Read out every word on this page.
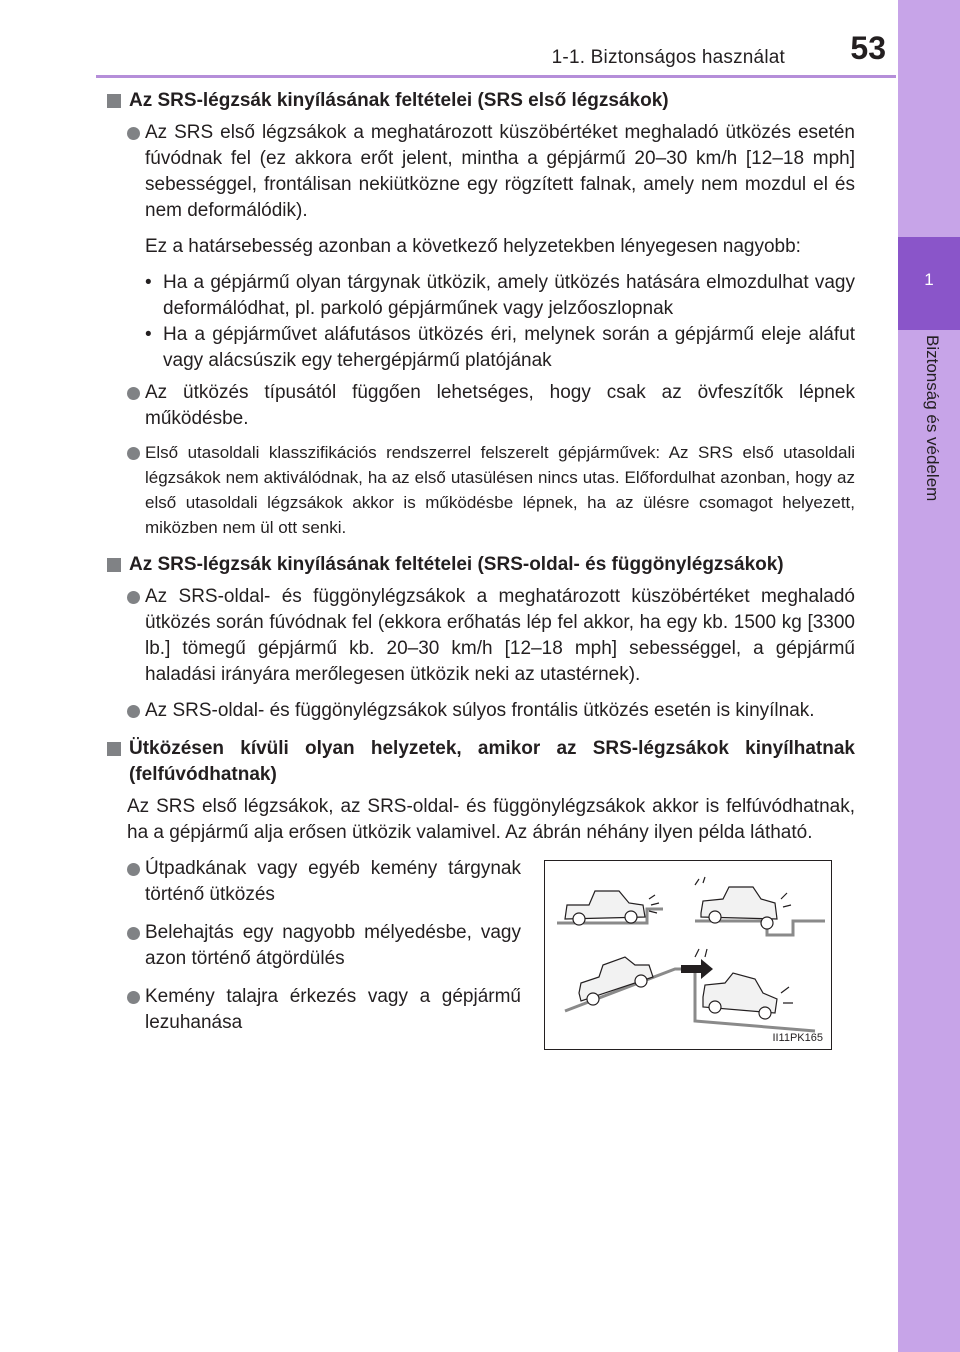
1-1. Biztonságos használat	53
1
Biztonság és védelem
Az SRS-légzsák kinyílásának feltételei (SRS első légzsákok)
Az SRS első légzsákok a meghatározott küszöbértéket meghaladó ütközés esetén fúvódnak fel (ez akkora erőt jelent, mintha a gépjármű 20–30 km/h [12–18 mph] sebességgel, frontálisan nekiütközne egy rögzített falnak, amely nem mozdul el és nem deformálódik).
Ez a határsebesség azonban a következő helyzetekben lényegesen nagyobb:
• Ha a gépjármű olyan tárgynak ütközik, amely ütközés hatására elmozdulhat vagy deformálódhat, pl. parkoló gépjárműnek vagy jelzőoszlopnak
• Ha a gépjárművet aláfutásos ütközés éri, melynek során a gépjármű eleje aláfut vagy alácsúszik egy tehergépjármű platójának
Az ütközés típusától függően lehetséges, hogy csak az övfeszítők lépnek működésbe.
Első utasoldali klasszifikációs rendszerrel felszerelt gépjárművek: Az SRS első utasoldali légzsákok nem aktiválódnak, ha az első utasülésen nincs utas. Előfordulhat azonban, hogy az első utasoldali légzsákok akkor is működésbe lépnek, ha az ülésre csomagot helyezett, miközben nem ül ott senki.
Az SRS-légzsák kinyílásának feltételei (SRS-oldal- és függönylégzsákok)
Az SRS-oldal- és függönylégzsákok a meghatározott küszöbértéket meghaladó ütközés során fúvódnak fel (ekkora erőhatás lép fel akkor, ha egy kb. 1500 kg [3300 lb.] tömegű gépjármű kb. 20–30 km/h [12–18 mph] sebességgel, a gépjármű haladási irányára merőlegesen ütközik neki az utastérnek).
Az SRS-oldal- és függönylégzsákok súlyos frontális ütközés esetén is kinyílnak.
Ütközésen kívüli olyan helyzetek, amikor az SRS-légzsákok kinyílhatnak (felfúvódhatnak)
Az SRS első légzsákok, az SRS-oldal- és függönylégzsákok akkor is felfúvódhatnak, ha a gépjármű alja erősen ütközik valamivel. Az ábrán néhány ilyen példa látható.
Útpadkának vagy egyéb kemény tárgynak történő ütközés
Belehajtás egy nagyobb mélyedésbe, vagy azon történő átgördülés
Kemény talajra érkezés vagy a gépjármű lezuhanása
II11PK165
